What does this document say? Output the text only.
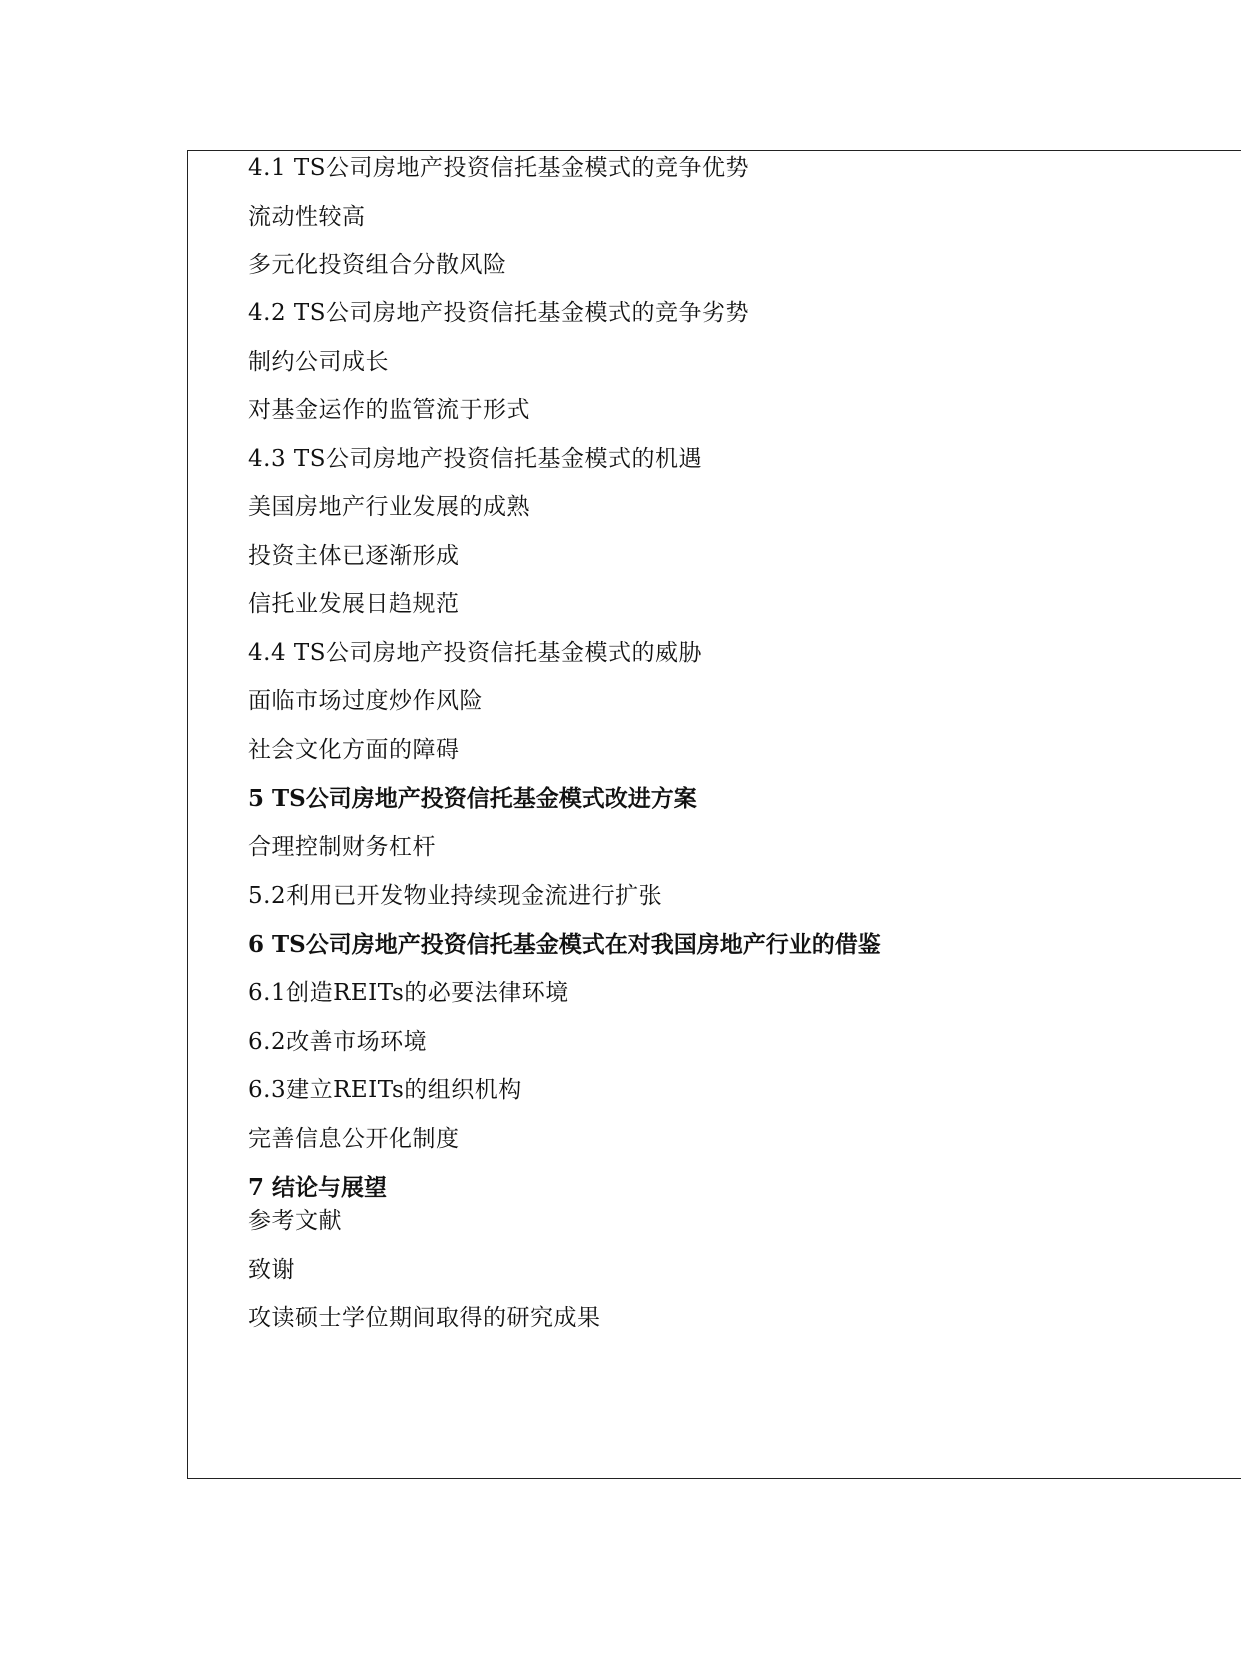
4.1 TS公司房地产投资信托基金模式的竞争优势
流动性较高
多元化投资组合分散风险
4.2 TS公司房地产投资信托基金模式的竞争劣势
制约公司成长
对基金运作的监管流于形式
4.3 TS公司房地产投资信托基金模式的机遇
美国房地产行业发展的成熟
投资主体已逐渐形成
信托业发展日趋规范
4.4 TS公司房地产投资信托基金模式的威胁
面临市场过度炒作风险
社会文化方面的障碍
5 TS公司房地产投资信托基金模式改进方案
合理控制财务杠杆
5.2利用已开发物业持续现金流进行扩张
6 TS公司房地产投资信托基金模式在对我国房地产行业的借鉴
6.1创造REITs的必要法律环境
6.2改善市场环境
6.3建立REITs的组织机构
完善信息公开化制度
7 结论与展望
参考文献
致谢
攻读硕士学位期间取得的研究成果
